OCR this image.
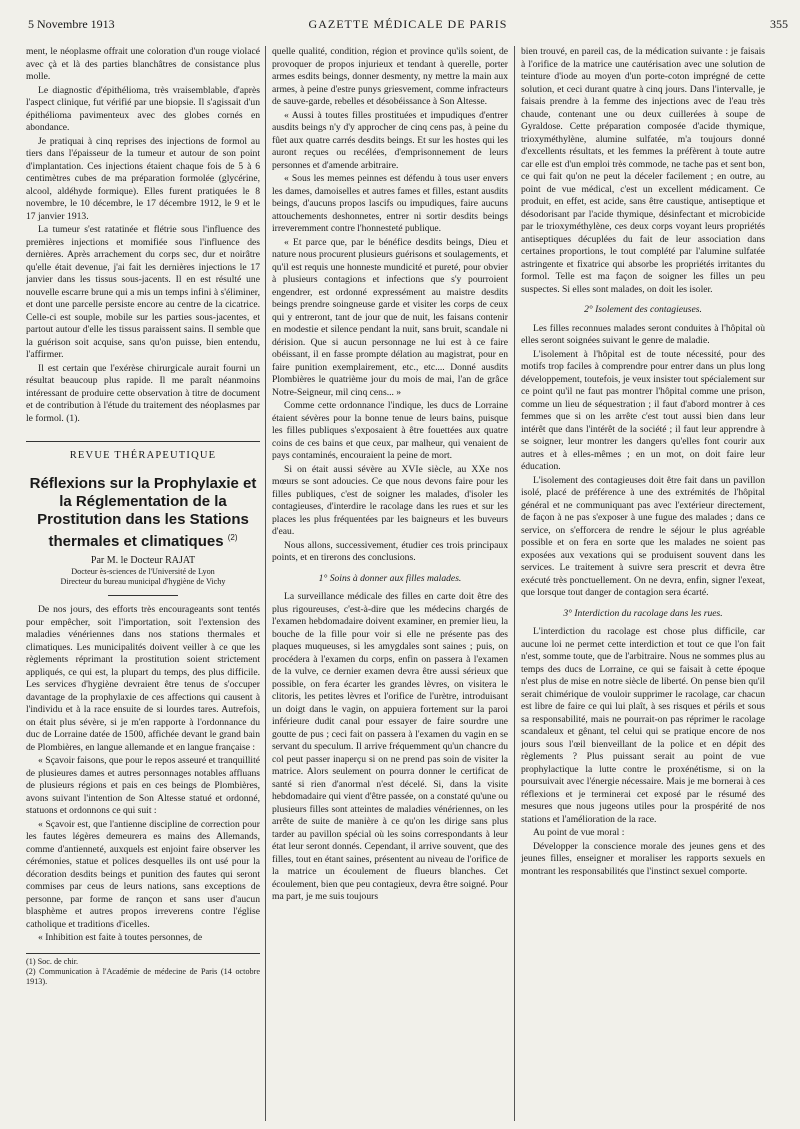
5 Novembre 1913	GAZETTE MÉDICALE DE PARIS	355

ment, le néoplasme offrait une coloration d'un rouge violacé avec çà et là des parties blanchâtres de consistance plus molle.

Le diagnostic d'épithélioma, très vraisemblable, d'après l'aspect clinique, fut vérifié par une biopsie. Il s'agissait d'un épithélioma pavimenteux avec des globes cornés en abondance.

Je pratiquai à cinq reprises des injections de formol au tiers dans l'épaisseur de la tumeur et autour de son point d'implantation. Ces injections étaient chaque fois de 5 à 6 centimètres cubes de ma préparation formolée (glycérine, alcool, aldéhyde formique). Elles furent pratiquées le 8 novembre, le 10 décembre, le 17 décembre 1912, le 9 et le 17 janvier 1913.

La tumeur s'est ratatinée et flétrie sous l'influence des premières injections et momifiée sous l'influence des dernières. Après arrachement du corps sec, dur et noirâtre qu'elle était devenue, j'ai fait les dernières injections le 17 janvier dans les tissus sous-jacents. Il en est résulté une nouvelle escarre brune qui a mis un temps infini à s'éliminer, et dont une parcelle persiste encore au centre de la cicatrice. Celle-ci est souple, mobile sur les parties sous-jacentes, et partout autour d'elle les tissus paraissent sains. Il semble que la guérison soit acquise, sans qu'on puisse, bien entendu, l'affirmer.

Il est certain que l'exérèse chirurgicale aurait fourni un résultat beaucoup plus rapide. Il me paraît néanmoins intéressant de produire cette observation à titre de document et de contribution à l'étude du traitement des néoplasmes par le formol. (1).

REVUE THÉRAPEUTIQUE
Réflexions sur la Prophylaxie et la Réglementation de la Prostitution dans les Stations thermales et climatiques $^{(2)}$

Par M. le Docteur RAJAT

Docteur ès-sciences de l'Université de Lyon

Directeur du bureau municipal d'hygiène de Vichy

De nos jours, des efforts très encourageants sont tentés pour empêcher, soit l'importation, soit l'extension des maladies vénériennes dans nos stations thermales et climatiques. Les municipalités doivent veiller à ce que les règlements réprimant la prostitution soient strictement appliqués, ce qui est, la plupart du temps, des plus difficile. Les services d'hygiène devraient être tenus de s'occuper davantage de la prophylaxie de ces affections qui causent à l'individu et à la race ensuite de si lourdes tares. Autrefois, on était plus sévère, si je m'en rapporte à l'ordonnance du duc de Lorraine datée de 1500, affichée devant le grand bain de Plombières, en langue allemande et en langue française :

« Sçavoir faisons, que pour le repos asseuré et tranquillité de plusieures dames et autres personnages notables affluans de plusieurs régions et pais en ces beings de Plombières, avons suivant l'intention de Son Altesse statué et ordonné, statuons et ordonnons ce qui suit :

« Sçavoir est, que l'antienne discipline de correction pour les fautes légères demeurera es mains des Allemands, comme d'antienneté, auxquels est enjoint faire observer les cérémonies, statue et polices desquelles ils ont usé pour la décoration desdits beings et punition des fautes qui seront commises par ceus de leurs nations, sans exceptions de personne, par forme de rançon et sans user d'aucun blasphème et autres propos irreverens contre l'église catholique et traditions d'icelles.

« Inhibition est faite à toutes personnes, de

(1) Soc. de chir.
(2) Communication à l'Académie de médecine de Paris (14 octobre 1913).

quelle qualité, condition, région et province qu'ils soient, de provoquer de propos injurieux et tendant à querelle, porter armes esdits beings, donner desmenty, ny mettre la main aux armes, à peine d'estre punys griesvement, comme infracteurs de sauve-garde, rebelles et désobéissance à Son Altesse.

« Aussi à toutes filles prostituées et impudiques d'entrer ausdits beings n'y d'y approcher de cinq cens pas, à peine du fûet aux quatre carrés desdits beings. Et sur les hostes qui les auront reçues ou recélées, d'emprisonnement de leurs personnes et d'amende arbitraire.

« Sous les memes peinnes est défendu à tous user envers les dames, damoiselles et autres fames et filles, estant ausdits beings, d'aucuns propos lascifs ou impudiques, faire aucuns attouchements deshonnetes, entrer ni sortir desdits beings irreveremment contre l'honnesteté publique.

« Et parce que, par le bénéfice desdits beings, Dieu et nature nous procurent plusieurs guérisons et soulagements, et qu'il est requis une honneste mundicité et pureté, pour obvier à plusieurs contagions et infections que s'y pourroient engendrer, est ordonné expressément au maistre desdits beings prendre soingneuse garde et visiter les corps de ceux qui y entreront, tant de jour que de nuit, les faisans contenir en modestie et silence pendant la nuit, sans bruit, scandale ni dérision. Que si aucun personnage ne lui est à ce faire obéissant, il en fasse prompte délation au magistrat, pour en faire punition exemplairement, etc., etc.... Donné ausdits Plombières le quatrième jour du mois de mai, l'an de grâce Notre-Seigneur, mil cinq cens... »

Comme cette ordonnance l'indique, les ducs de Lorraine étaient sévères pour la bonne tenue de leurs bains, puisque les filles publiques s'exposaient à être fouettées aux quatre coins de ces bains et que ceux, par malheur, qui venaient de pays contaminés, encouraient la peine de mort.

Si on était aussi sévère au XVIe siècle, au XXe nos mœurs se sont adoucies. Ce que nous devons faire pour les filles publiques, c'est de soigner les malades, d'isoler les contagieuses, d'interdire le racolage dans les rues et sur les places les plus fréquentées par les baigneurs et les buveurs d'eau.

Nous allons, successivement, étudier ces trois principaux points, et en tirerons des conclusions.

1° Soins à donner aux filles malades.

La surveillance médicale des filles en carte doit être des plus rigoureuses, c'est-à-dire que les médecins chargés de l'examen hebdomadaire doivent examiner, en premier lieu, la bouche de la fille pour voir si elle ne présente pas des plaques muqueuses, si les amygdales sont saines ; puis, on procédera à l'examen du corps, enfin on passera à l'examen de la vulve, ce dernier examen devra être aussi sérieux que possible, on fera écarter les grandes lèvres, on visitera le clitoris, les petites lèvres et l'orifice de l'urètre, introduisant un doigt dans le vagin, on appuiera fortement sur la paroi inférieure dudit canal pour essayer de faire sourdre une goutte de pus ; ceci fait on passera à l'examen du vagin en se servant du speculum. Il arrive fréquemment qu'un chancre du col peut passer inaperçu si on ne prend pas soin de visiter la matrice. Alors seulement on pourra donner le certificat de santé si rien d'anormal n'est décelé. Si, dans la visite hebdomadaire qui vient d'être passée, on a constaté qu'une ou plusieurs filles sont atteintes de maladies vénériennes, on les arrête de suite de manière à ce qu'on les dirige sans plus tarder au pavillon spécial où les soins correspondants à leur état leur seront donnés. Cependant, il arrive souvent, que des filles, tout en étant saines, présentent au niveau de l'orifice de la matrice un écoulement de flueurs blanches. Cet écoulement, bien que peu contagieux, devra être soigné. Pour ma part, je me suis toujours

bien trouvé, en pareil cas, de la médication suivante : je faisais à l'orifice de la matrice une cautérisation avec une solution de teinture d'iode au moyen d'un porte-coton imprégné de cette solution, et ceci durant quatre à cinq jours. Dans l'intervalle, je faisais prendre à la femme des injections avec de l'eau très chaude, contenant une ou deux cuillerées à soupe de Gyraldose. Cette préparation composée d'acide thymique, trioxyméthylène, alumine sulfatée, m'a toujours donné d'excellents résultats, et les femmes la préfèrent à toute autre car elle est d'un emploi très commode, ne tache pas et sent bon, ce qui fait qu'on ne peut la déceler facilement ; en outre, au point de vue médical, c'est un excellent médicament. Ce produit, en effet, est acide, sans être caustique, antiseptique et désodorisant par l'acide thymique, désinfectant et microbicide par le trioxyméthylène, ces deux corps voyant leurs propriétés antiseptiques décuplées du fait de leur association dans certaines proportions, le tout complété par l'alumine sulfatée astringente et fixatrice qui absorbe les propriétés irritantes du formol. Telle est ma façon de soigner les filles un peu suspectes. Si elles sont malades, on doit les isoler.

2° Isolement des contagieuses.

Les filles reconnues malades seront conduites à l'hôpital où elles seront soignées suivant le genre de maladie.

L'isolement à l'hôpital est de toute nécessité, pour des motifs trop faciles à comprendre pour entrer dans un plus long développement, toutefois, je veux insister tout spécialement sur ce point qu'il ne faut pas montrer l'hôpital comme une prison, comme un lieu de séquestration ; il faut d'abord montrer à ces femmes que si on les arrête c'est tout aussi bien dans leur intérêt que dans l'intérêt de la société ; il faut leur apprendre à se soigner, leur montrer les dangers qu'elles font courir aux autres et à elles-mêmes ; en un mot, on doit faire leur éducation.

L'isolement des contagieuses doit être fait dans un pavillon isolé, placé de préférence à une des extrémités de l'hôpital général et ne communiquant pas avec l'extérieur directement, de façon à ne pas s'exposer à une fugue des malades ; dans ce service, on s'efforcera de rendre le séjour le plus agréable possible et on fera en sorte que les malades ne soient pas exposées aux vexations qui se produisent souvent dans les services. Le traitement à suivre sera prescrit et devra être exécuté très ponctuellement. On ne devra, enfin, signer l'exeat, que lorsque tout danger de contagion sera écarté.

3° Interdiction du racolage dans les rues.

L'interdiction du racolage est chose plus difficile, car aucune loi ne permet cette interdiction et tout ce que l'on fait n'est, somme toute, que de l'arbitraire. Nous ne sommes plus au temps des ducs de Lorraine, ce qui se faisait à cette époque n'est plus de mise en notre siècle de liberté. On pense bien qu'il serait chimérique de vouloir supprimer le racolage, car chacun est libre de faire ce qui lui plaît, à ses risques et périls et sous sa responsabilité, mais ne pourrait-on pas réprimer le racolage scandaleux et gênant, tel celui qui se pratique encore de nos jours sous l'œil bienveillant de la police et en dépit des règlements ? Plus puissant serait au point de vue prophylactique la lutte contre le proxénétisme, si on la poursuivait avec l'énergie nécessaire. Mais je me bornerai à ces réflexions et je terminerai cet exposé par le résumé des mesures que nous jugeons utiles pour la prospérité de nos stations et l'amélioration de la race.

Au point de vue moral :

Développer la conscience morale des jeunes gens et des jeunes filles, enseigner et moraliser les rapports sexuels en montrant les responsabilités que l'instinct sexuel comporte.
